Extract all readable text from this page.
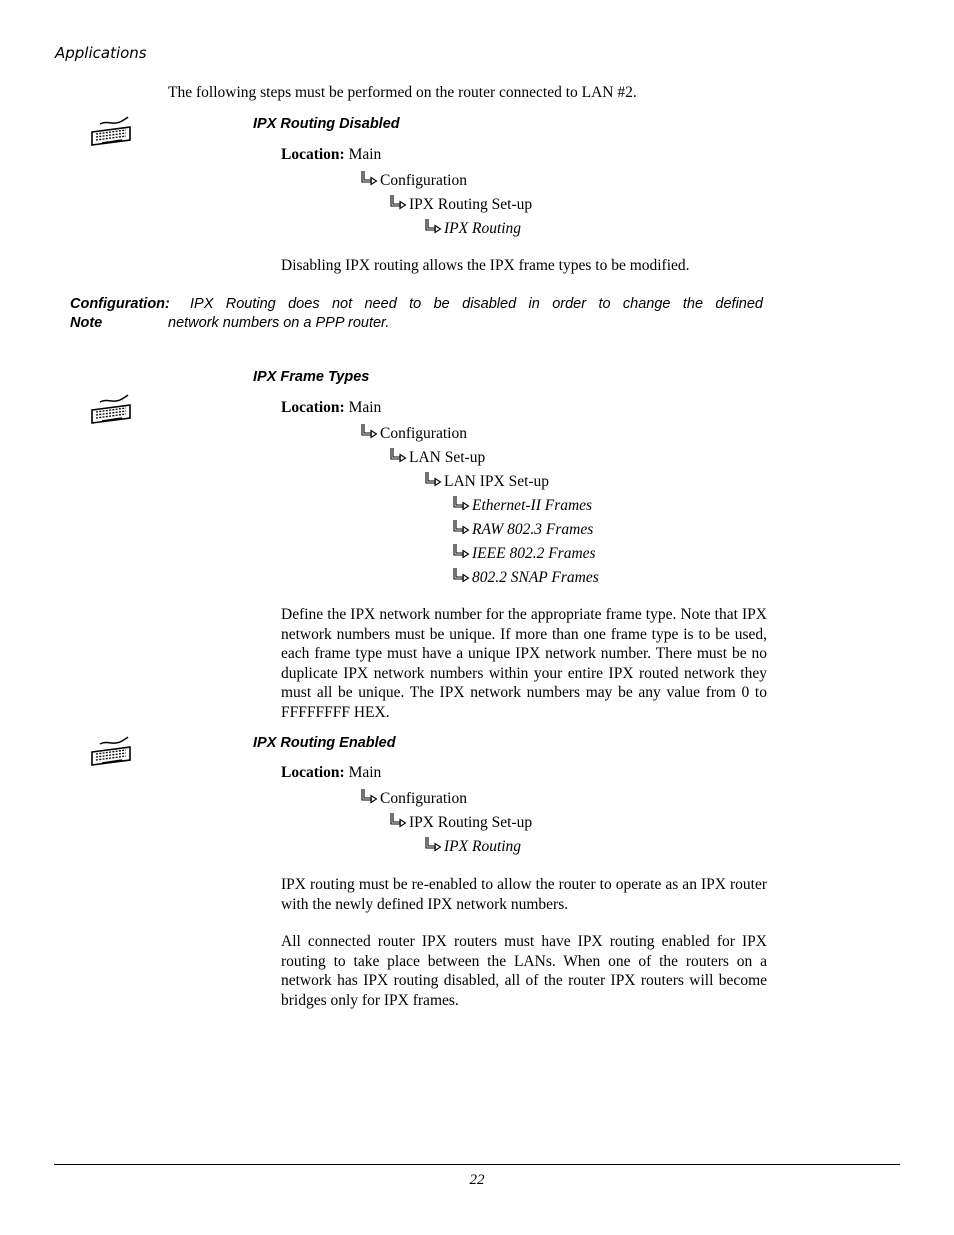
Applications
The following steps must be performed on the router connected to LAN #2.
IPX Routing Disabled
Location: Main
Configuration
IPX Routing Set-up
IPX Routing
Disabling IPX routing allows the IPX frame types to be modified.
Configuration:
Note
IPX Routing does not need to be disabled in order to change the defined
network numbers on a PPP router.
IPX Frame Types
Location: Main
Configuration
LAN Set-up
LAN IPX Set-up
Ethernet-II Frames
RAW 802.3 Frames
IEEE 802.2 Frames
802.2 SNAP Frames
Define the IPX network number for the appropriate frame type. Note that IPX network numbers must be unique. If more than one frame type is to be used, each frame type must have a unique IPX network number. There must be no duplicate IPX network numbers within your entire IPX routed network they must all be unique. The IPX network numbers may be any value from 0 to FFFFFFFF HEX.
IPX Routing Enabled
Location: Main
Configuration
IPX Routing Set-up
IPX Routing
IPX routing must be re-enabled to allow the router to operate as an IPX router with the newly defined IPX network numbers.
All connected router IPX routers must have IPX routing enabled for IPX routing to take place between the LANs. When one of the routers on a network has IPX routing disabled, all of the router IPX routers will become bridges only for IPX frames.
22
